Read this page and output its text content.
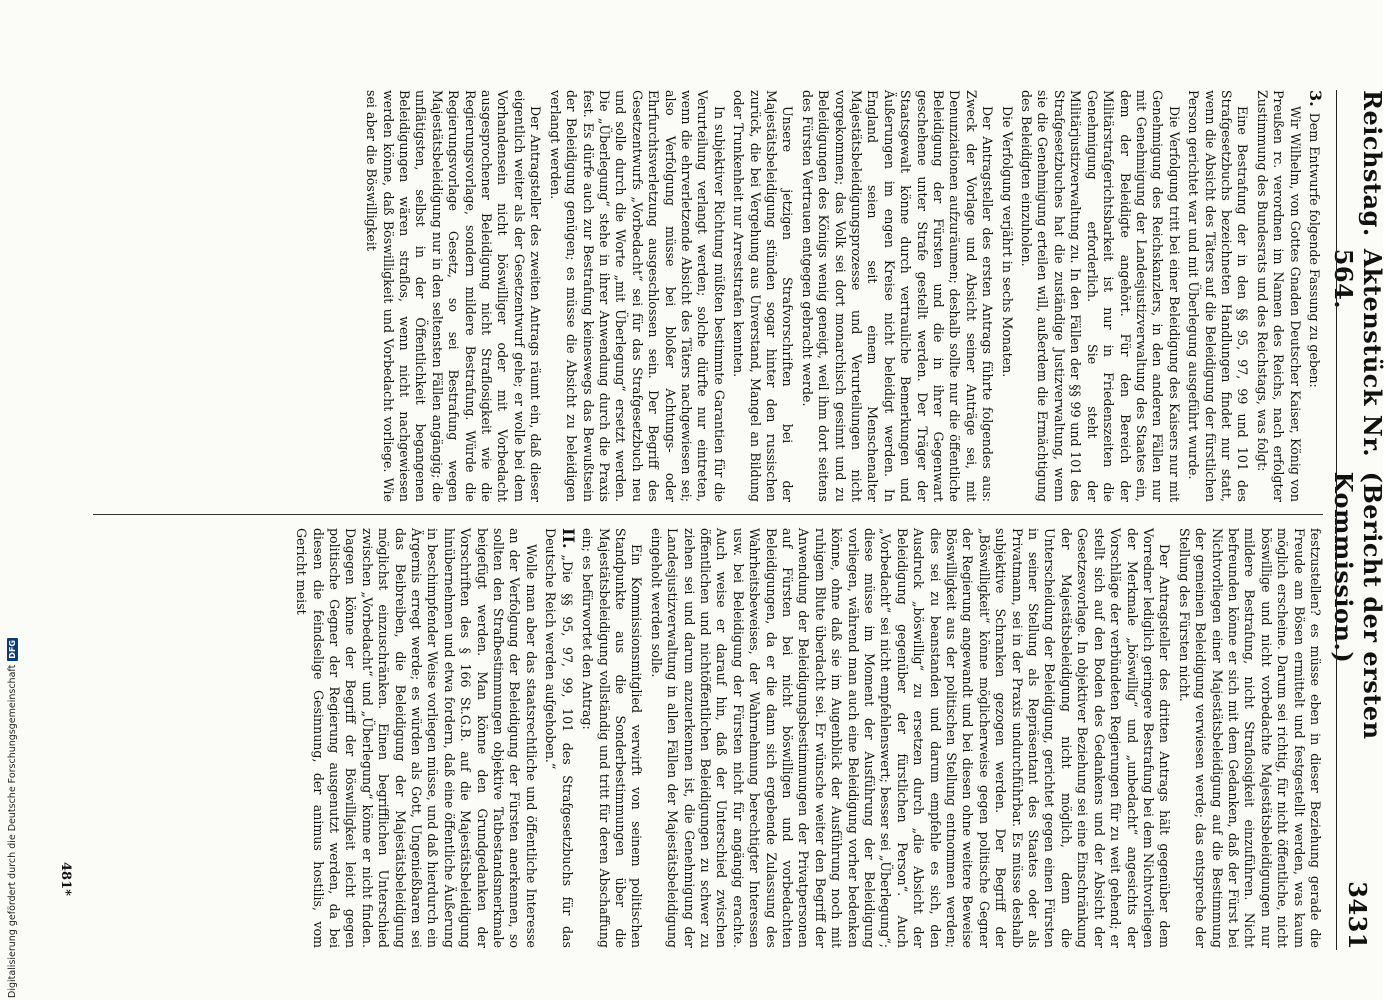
Reichstag.
Aktenstück Nr. 564.
(Bericht der ersten Kommission.)
3431

3.Dem Entwurfe folgende Fassung zu geben:

Wir Wilhelm, von Gottes Gnaden Deutscher Kaiser, König von Preußen rc. verordnen im Namen des Reichs, nach erfolgter Zustimmung des Bundesrats und des Reichstags, was folgt:

Eine Bestrafung der in den §§ 95, 97, 99 und 101 des Strafgesetzbuchs bezeichneten Handlungen findet nur statt, wenn die Absicht des Täters auf die Beleidigung der fürstlichen Person gerichtet war und mit Überlegung ausgeführt wurde.

Die Verfolgung tritt bei einer Beleidigung des Kaisers nur mit Genehmigung des Reichskanzlers, in den anderen Fällen nur mit Genehmigung der Landesjustizverwaltung des Staates ein, dem der Beleidigte angehört. Für den Bereich der Militärstrafgerichtsbarkeit ist nur in Friedenszeiten die Genehmigung erforderlich. Sie steht der Militärjustizverwaltung zu. In den Fällen der §§ 99 und 101 des Strafgesetzbuches hat die zuständige Justizverwaltung, wenn sie die Genehmigung erteilen will, außerdem die Ermächtigung des Beleidigten einzuholen.

Die Verfolgung verjährt in sechs Monaten.

Der Antragsteller des ersten Antrags führte folgendes aus: Zweck der Vorlage und Absicht seiner Anträge sei, mit Denunziationen aufzuräumen; deshalb sollte nur die öffentliche Beleidigung der Fürsten und die in ihrer Gegenwart geschehene unter Strafe gestellt werden. Der Träger der Staatsgewalt könne durch vertrauliche Bemerkungen und Äußerungen im engen Kreise nicht beleidigt werden. In England seien seit einem Menschenalter Majestätsbeleidigungsprozesse und Verurteilungen nicht vorgekommen; das Volk sei dort monarchisch gesinnt und zu Beleidigungen des Königs wenig geneigt, weil ihm dort seitens des Fürsten Vertrauen entgegen gebracht werde.

Unsere jetzigen Strafvorschriften bei der Majestätsbeleidigung stünden sogar hinter den russischen zurück, die bei Vergehung aus Unverstand, Mangel an Bildung oder Trunkenheit nur Arreststrafen kennten.

In subjektiver Richtung müßten bestimmte Garantien für die Verurteilung verlangt werden; solche dürfte nur eintreten, wenn die ehrverletzende Absicht des Täters nachgewiesen sei; also Verfolgung müsse bei bloßer Achtungs- oder Ehrfurchtsverletzung ausgeschlossen sein. Der Begriff des Gesetzentwurfs „Vorbedacht“ sei für das Strafgesetzbuch neu und solle durch die Worte „mit Überlegung“ ersetzt werden. Die „Überlegung“ stehe in ihrer Anwendung durch die Praxis fest. Es dürfe auch zur Bestrafung keineswegs das Bewußtsein der Beleidigung genügen; es müsse die Absicht zu beleidigen verlangt werden.

Der Antragsteller des zweiten Antrags räumt ein, daß dieser eigentlich weiter als der Gesetzentwurf gehe; er wolle bei dem Vorhandensein nicht böswilliger oder mit Vorbedacht ausgesprochener Beleidigung nicht Straflosigkeit wie die Regierungsvorlage, sondern mildere Bestrafung. Würde die Regierungsvorlage Gesetz, so sei Bestrafung wegen Majestätsbeleidigung nur in den seltensten Fällen angängig; die unflätigsten, selbst in der Öffentlichkeit begangenen Beleidigungen wären straflos, wenn nicht nachgewiesen werden könne, daß Böswilligkeit und Vorbedacht vorliege. Wie sei aber die Böswilligkeit

festzustellen? es müsse eben in dieser Beziehung gerade die Freude am Bösen ermittelt und festgestellt werden, was kaum möglich erscheine. Darum sei richtig, für nicht öffentliche, nicht böswillige und nicht vorbedachte Majestätsbeleidigungen nur mildere Bestrafung, nicht Straflosigkeit einzuführen. Nicht befreunden könne er sich mit dem Gedanken, daß der Fürst bei Nichtvorliegen einer Majestätsbeleidigung auf die Bestimmung der gemeinen Beleidigung verwiesen werde; das entspreche der Stellung des Fürsten nicht.

Der Antragsteller des dritten Antrags hält gegenüber dem Vorredner lediglich geringere Bestrafung bei dem Nichtvorliegen der Merkmale „böswillig“ und „unbedacht“ angesichts der Vorschläge der verbündeten Regierungen für zu weit gehend; er stellt sich auf den Boden des Gedankens und der Absicht der Gesetzesvorlage. In objektiver Beziehung sei eine Einschränkung der Majestätsbeleidigung nicht möglich, denn die Unterscheidung der Beleidigung, gerichtet gegen einen Fürsten in seiner Stellung als Repräsentant des Staates oder als Privatmann, sei in der Praxis undurchführbar. Es müsse deshalb subjektive Schranken gezogen werden. Der Begriff der „Böswilligkeit“ könne möglicherweise gegen politische Gegner der Regierung angewandt und bei diesen ohne weitere Beweise Böswilligkeit aus der politischen Stellung entnommen werden; dies sei zu beanstanden und darum empfehle es sich, den Ausdruck „böswillig“ zu ersetzen durch „die Absicht der Beleidigung gegenüber der fürstlichen Person“. Auch „Vorbedacht“ sei nicht empfehlenswert; besser sei „Überlegung“; diese müsse im Moment der Ausführung der Beleidigung vorliegen, während man auch eine Beleidigung vorher bedenken könne, ohne daß sie im Augenblick der Ausführung noch mit ruhigem Blute überdacht sei. Er wünsche weiter den Begriff der Anwendung der Beleidigungsbestimmungen der Privatpersonen auf Fürsten bei nicht böswilligen und vorbedachten Beleidigungen, da er die dann sich ergebende Zulassung des Wahrheitsbeweises, der Wahrnehmung berechtigter Interessen usw. bei Beleidigung der Fürsten nicht für angängig erachte. Auch weise er darauf hin, daß der Unterschied zwischen öffentlichen und nichtöffentlichen Beleidigungen zu schwer zu ziehen sei und darum anzuerkennen ist, die Genehmigung der Landesjustizverwaltung in allen Fällen der Majestätsbeleidigung eingeholt werden solle.

Ein Kommissionsmitglied verwirft von seinem politischen Standpunkte aus die Sonderbestimmungen über die Majestätsbeleidigung vollständig und tritt für deren Abschaffung ein; es befürwortet den Antrag:

II.„Die §§ 95, 97, 99, 101 des Strafgesetzbuchs für das Deutsche Reich werden aufgehoben.“

Wolle man aber das staatsrechtliche und öffentliche Interesse an der Verfolgung der Beleidigung der Fürsten anerkennen, so sollten den Strafbestimmungen objektive Tatbestandsmerkmale beigefügt werden. Man könne den Grundgedanken der Vorschriften des § 166 St.G.B. auf die Majestätsbeleidigung hinübernehmen und etwa fordern, daß eine öffentliche Äußerung in beschimpfender Weise vorliegen müsse, und daß hierdurch ein Ärgernis erregt werde; es würden als Gott, Ungenießbaren sei das Beibreiben, die Beleidigung der Majestätsbeleidigung möglichst einzuschränken. Einen begrifflichen Unterschied zwischen „Vorbedacht“ und „Überlegung“ könne er nicht finden. Dagegen könne der Begriff der Böswilligkeit leicht gegen politische Gegner der Regierung ausgenutzt werden, da bei diesen die feindselige Gesinnung, der animus hostilis, vom Gericht meist

481*
Digitalisierung gefördert durch die Deutsche Forschungsgemeinschaft
DFG
